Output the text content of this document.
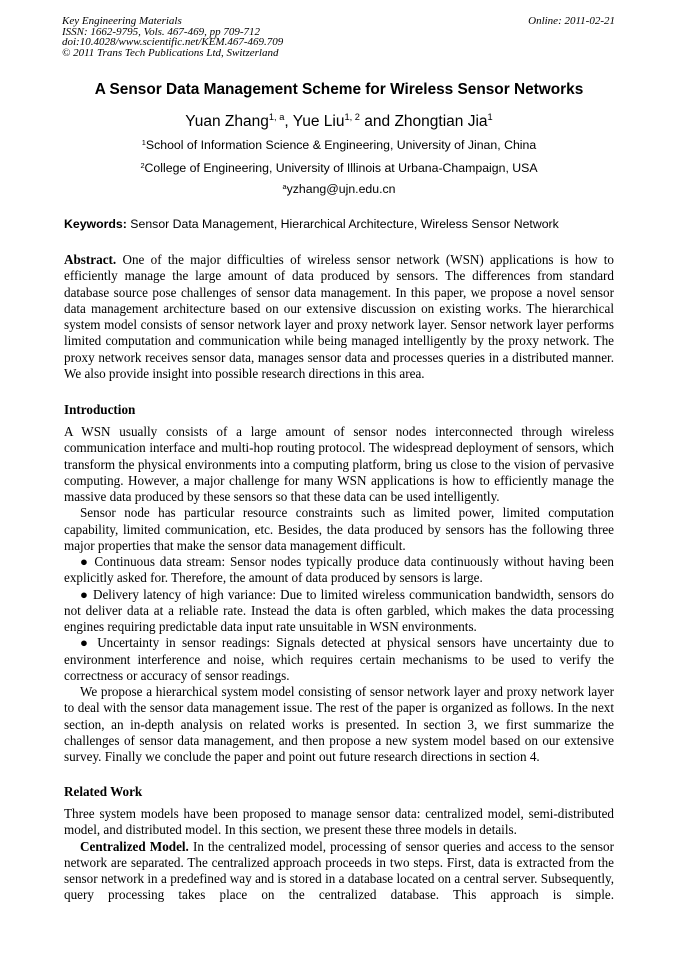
Key Engineering Materials
ISSN: 1662-9795, Vols. 467-469, pp 709-712
doi:10.4028/www.scientific.net/KEM.467-469.709
© 2011 Trans Tech Publications Ltd, Switzerland
Online: 2011-02-21
A Sensor Data Management Scheme for Wireless Sensor Networks
Yuan Zhang$^{1, a}$, Yue Liu$^{1, 2}$ and Zhongtian Jia$^1$
$^1$School of Information Science & Engineering, University of Jinan, China
$^2$College of Engineering, University of Illinois at Urbana-Champaign, USA
$^a$yzhang@ujn.edu.cn
Keywords: Sensor Data Management, Hierarchical Architecture, Wireless Sensor Network

Abstract. One of the major difficulties of wireless sensor network (WSN) applications is how to efficiently manage the large amount of data produced by sensors. The differences from standard database source pose challenges of sensor data management. In this paper, we propose a novel sensor data management architecture based on our extensive discussion on existing works. The hierarchical system model consists of sensor network layer and proxy network layer. Sensor network layer performs limited computation and communication while being managed intelligently by the proxy network. The proxy network receives sensor data, manages sensor data and processes queries in a distributed manner. We also provide insight into possible research directions in this area.

Introduction

A WSN usually consists of a large amount of sensor nodes interconnected through wireless communication interface and multi-hop routing protocol. The widespread deployment of sensors, which transform the physical environments into a computing platform, bring us close to the vision of pervasive computing. However, a major challenge for many WSN applications is how to efficiently manage the massive data produced by these sensors so that these data can be used intelligently.

Sensor node has particular resource constraints such as limited power, limited computation capability, limited communication, etc. Besides, the data produced by sensors has the following three major properties that make the sensor data management difficult.

● Continuous data stream: Sensor nodes typically produce data continuously without having been explicitly asked for. Therefore, the amount of data produced by sensors is large.

● Delivery latency of high variance: Due to limited wireless communication bandwidth, sensors do not deliver data at a reliable rate. Instead the data is often garbled, which makes the data processing engines requiring predictable data input rate unsuitable in WSN environments.

● Uncertainty in sensor readings: Signals detected at physical sensors have uncertainty due to environment interference and noise, which requires certain mechanisms to be used to verify the correctness or accuracy of sensor readings.

We propose a hierarchical system model consisting of sensor network layer and proxy network layer to deal with the sensor data management issue. The rest of the paper is organized as follows. In the next section, an in-depth analysis on related works is presented. In section 3, we first summarize the challenges of sensor data management, and then propose a new system model based on our extensive survey. Finally we conclude the paper and point out future research directions in section 4.

Related Work

Three system models have been proposed to manage sensor data: centralized model, semi-distributed model, and distributed model. In this section, we present these three models in details.

Centralized Model. In the centralized model, processing of sensor queries and access to the sensor network are separated. The centralized approach proceeds in two steps. First, data is extracted from the sensor network in a predefined way and is stored in a database located on a central server. Subsequently, query processing takes place on the centralized database. This approach is simple.
